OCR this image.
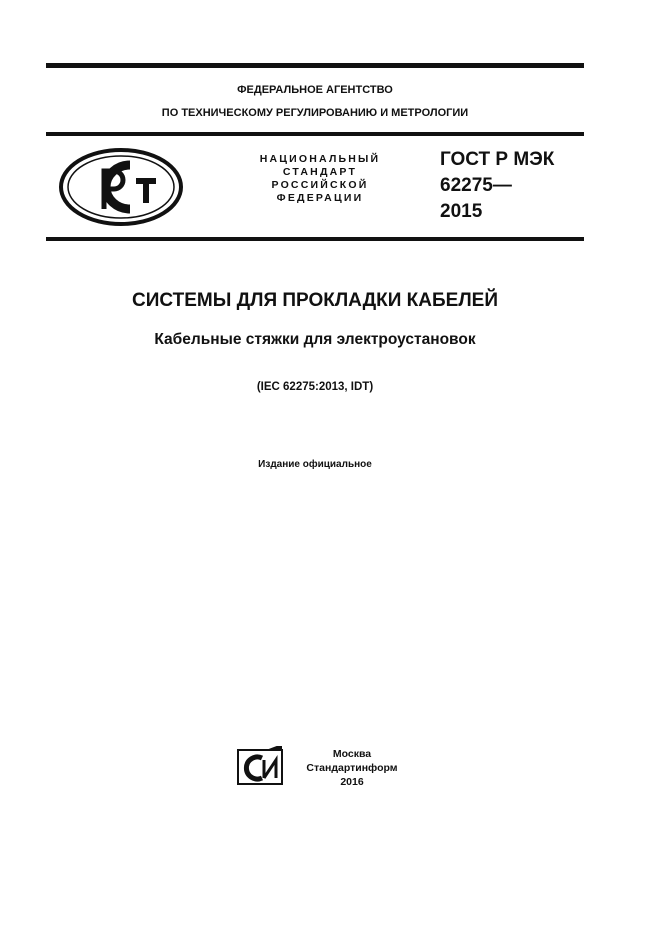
ФЕДЕРАЛЬНОЕ АГЕНТСТВО
ПО ТЕХНИЧЕСКОМУ РЕГУЛИРОВАНИЮ И МЕТРОЛОГИИ
НАЦИОНАЛЬНЫЙ
СТАНДАРТ
РОССИЙСКОЙ
ФЕДЕРАЦИИ
ГОСТ Р МЭК
62275—
2015
СИСТЕМЫ ДЛЯ ПРОКЛАДКИ КАБЕЛЕЙ
Кабельные стяжки для электроустановок
(IEC 62275:2013, IDT)
Издание официальное
Москва
Стандартинформ
2016
